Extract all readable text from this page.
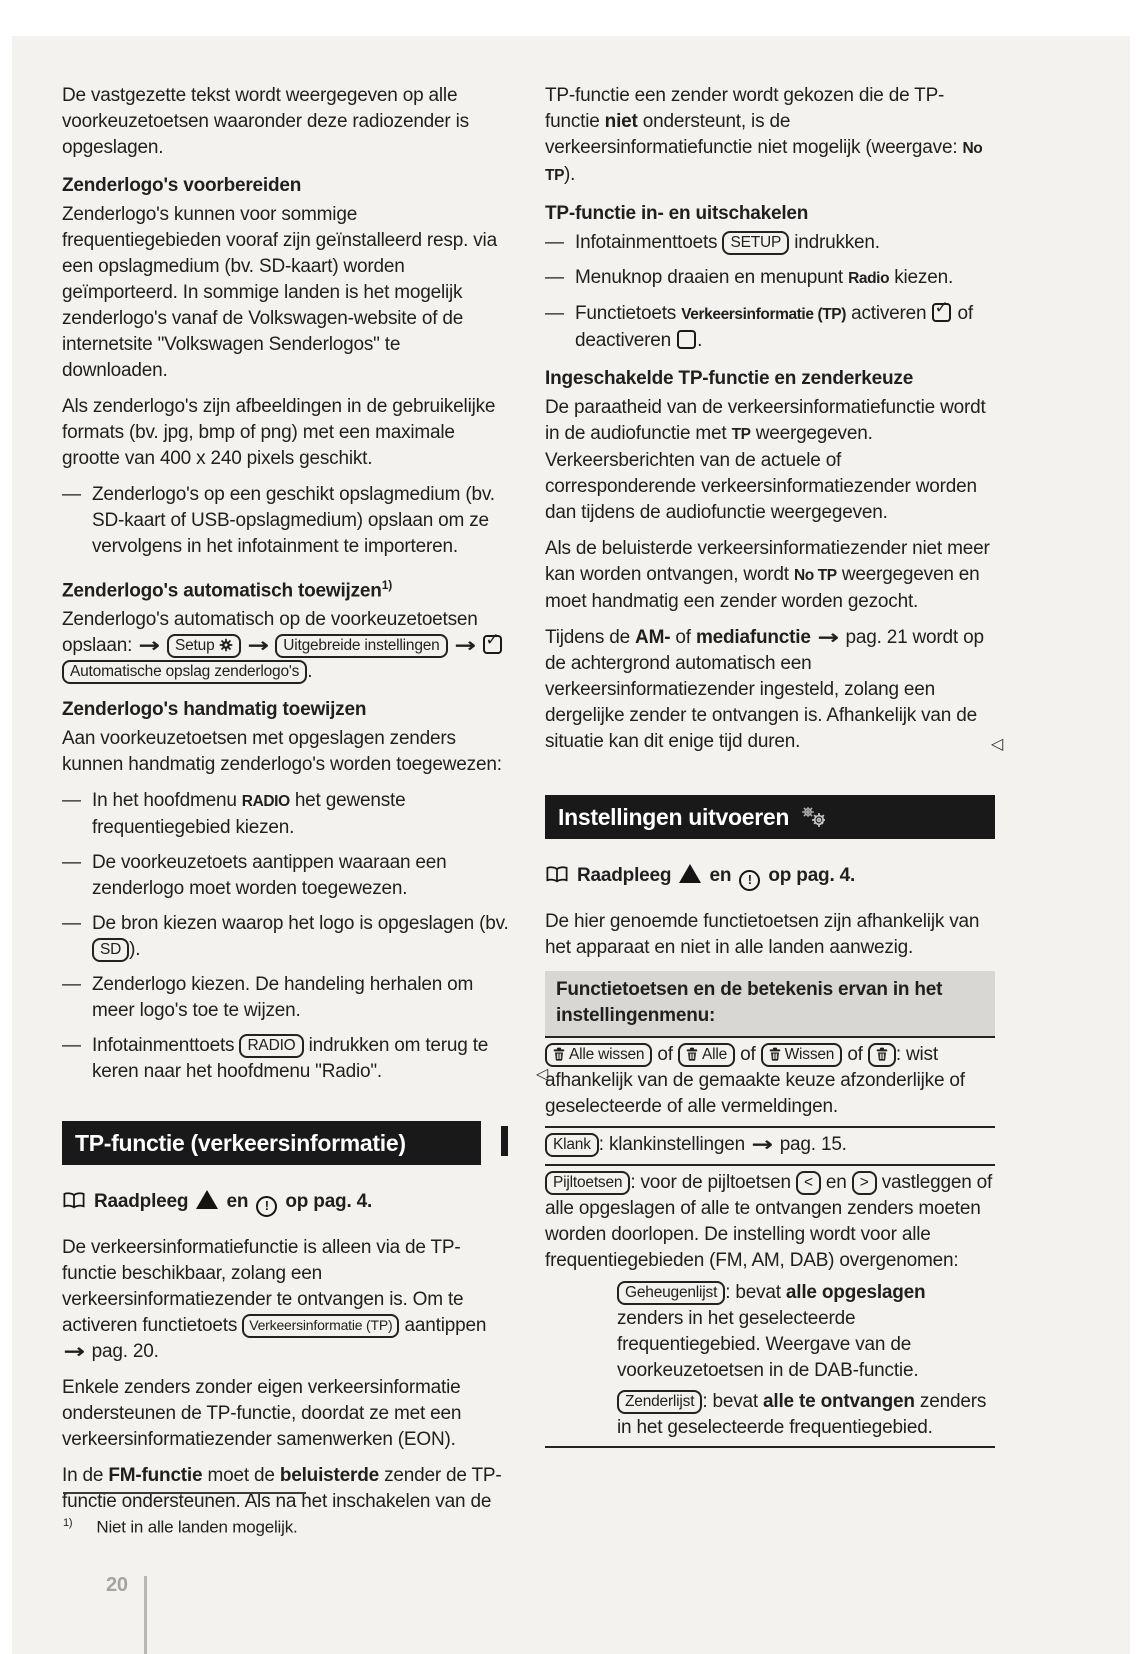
De vastgezette tekst wordt weergegeven op alle voorkeuzetoetsen waaronder deze radiozender is opgeslagen.
Zenderlogo's voorbereiden
Zenderlogo's kunnen voor sommige frequentiegebieden vooraf zijn geïnstalleerd resp. via een opslagmedium (bv. SD-kaart) worden geïmporteerd. In sommige landen is het mogelijk zenderlogo's vanaf de Volkswagen-website of de internetsite "Volkswagen Senderlogos" te downloaden.
Als zenderlogo's zijn afbeeldingen in de gebruikelijke formats (bv. jpg, bmp of png) met een maximale grootte van 400 x 240 pixels geschikt.
— Zenderlogo's op een geschikt opslagmedium (bv. SD-kaart of USB-opslagmedium) opslaan om ze vervolgens in het infotainment te importeren.
Zenderlogo's automatisch toewijzen$^{1)}$
Zenderlogo's automatisch op de voorkeuzetoetsen opslaan: → Setup → Uitgebreide instellingen → ✓
Automatische opslag zenderlogo's .
Zenderlogo's handmatig toewijzen
Aan voorkeuzetoetsen met opgeslagen zenders kunnen handmatig zenderlogo's worden toegewezen:
— In het hoofdmenu RADIO het gewenste frequentiegebied kiezen.
— De voorkeuzetoets aantippen waaraan een zenderlogo moet worden toegewezen.
— De bron kiezen waarop het logo is opgeslagen (bv. SD ).
— Zenderlogo kiezen. De handeling herhalen om meer logo's toe te wijzen.
— Infotainmenttoets RADIO indrukken om terug te keren naar het hoofdmenu "Radio".	◁
TP-functie (verkeersinformatie)
Raadpleeg  en ! op pag. 4.
De verkeersinformatiefunctie is alleen via de TP-functie beschikbaar, zolang een verkeersinformatiezender te ontvangen is. Om te activeren functietoets Verkeersinformatie (TP) aantippen → pag. 20.
Enkele zenders zonder eigen verkeersinformatie ondersteunen de TP-functie, doordat ze met een verkeersinformatiezender samenwerken (EON).
In de FM-functie moet de beluisterde zender de TP-functie ondersteunen. Als na het inschakelen van de
TP-functie een zender wordt gekozen die de TP-functie niet ondersteunt, is de verkeersinformatiefunctie niet mogelijk (weergave: No TP).
TP-functie in- en uitschakelen
— Infotainmenttoets SETUP indrukken.
— Menuknop draaien en menupunt Radio kiezen.
— Functietoets Verkeersinformatie (TP) activeren ✓ of deactiveren .
Ingeschakelde TP-functie en zenderkeuze
De paraatheid van de verkeersinformatiefunctie wordt in de audiofunctie met TP weergegeven. Verkeersberichten van de actuele of corresponderende verkeersinformatiezender worden dan tijdens de audiofunctie weergegeven.
Als de beluisterde verkeersinformatiezender niet meer kan worden ontvangen, wordt No TP weergegeven en moet handmatig een zender worden gezocht.
Tijdens de AM- of mediafunctie → pag. 21 wordt op de achtergrond automatisch een verkeersinformatiezender ingesteld, zolang een dergelijke zender te ontvangen is. Afhankelijk van de situatie kan dit enige tijd duren.	◁
Instellingen uitvoeren
Raadpleeg  en ! op pag. 4.
De hier genoemde functietoetsen zijn afhankelijk van het apparaat en niet in alle landen aanwezig.
Functietoetsen en de betekenis ervan in het instellingenmenu:
Alle wissen of Alle of Wissen of : wist afhankelijk van de gemaakte keuze afzonderlijke of geselecteerde of alle vermeldingen.
Klank : klankinstellingen → pag. 15.
Pijltoetsen : voor de pijltoetsen < en > vastleggen of alle opgeslagen of alle te ontvangen zenders moeten worden doorlopen. De instelling wordt voor alle frequentiegebieden (FM, AM, DAB) overgenomen:
Geheugenlijst : bevat alle opgeslagen zenders in het geselecteerde frequentiegebied. Weergave van de voorkeuzetoetsen in de DAB-functie.
Zenderlijst : bevat alle te ontvangen zenders in het geselecteerde frequentiegebied.
$^{1)}$ Niet in alle landen mogelijk.
20
